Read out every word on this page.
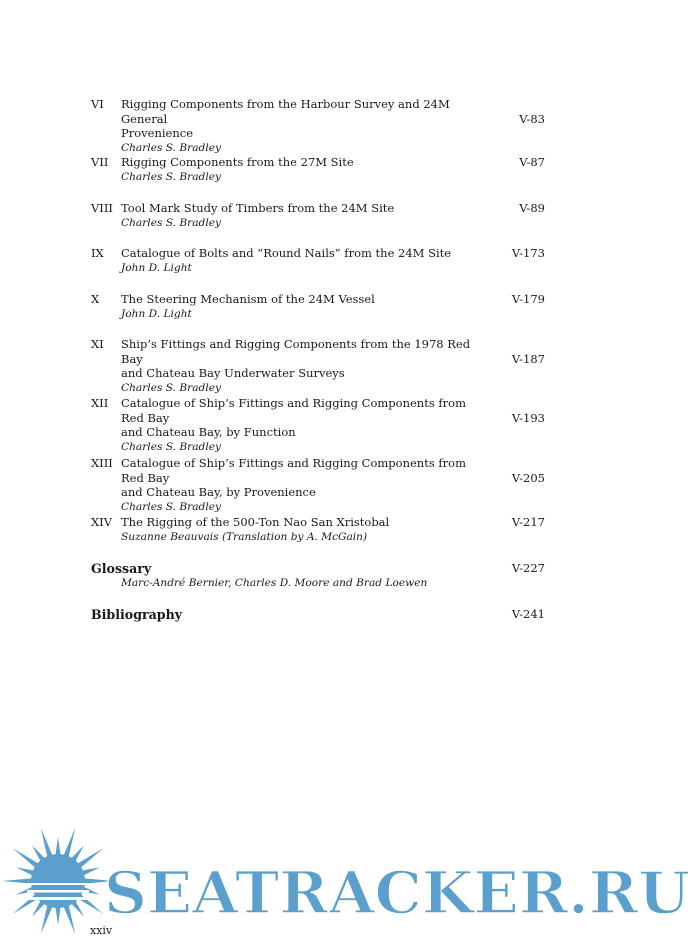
VI Rigging Components from the Harbour Survey and 24M General
Provenience
Charles S. Bradley
V-83
VII Rigging Components from the 27M Site
Charles S. Bradley
V-87
VIII Tool Mark Study of Timbers from the 24M Site
Charles S. Bradley
V-89
IX Catalogue of Bolts and “Round Nails” from the 24M Site
John D. Light
V-173
X The Steering Mechanism of the 24M Vessel
John D. Light
V-179
XI Ship’s Fittings and Rigging Components from the 1978 Red Bay
and Chateau Bay Underwater Surveys
Charles S. Bradley
V-187
XII Catalogue of Ship’s Fittings and Rigging Components from Red Bay
and Chateau Bay, by Function
Charles S. Bradley
V-193
XIII Catalogue of Ship’s Fittings and Rigging Components from Red Bay
and Chateau Bay, by Provenience
Charles S. Bradley
V-205
XIV The Rigging of the 500-Ton Nao San Xristobal
Suzanne Beauvais (Translation by A. McGain)
V-217
Glossary
Marc-André Bernier, Charles D. Moore and Brad Loewen
V-227
Bibliography	V-241
SEATRACKER.RU
xxiv
